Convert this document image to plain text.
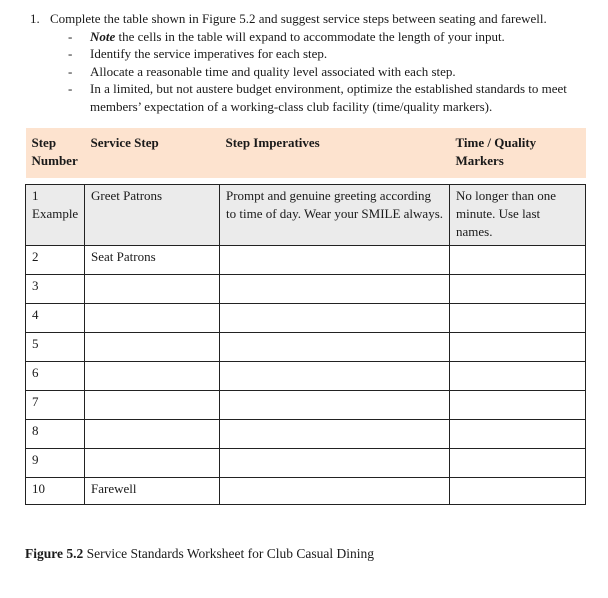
1. Complete the table shown in Figure 5.2 and suggest service steps between seating and farewell.
-	Note the cells in the table will expand to accommodate the length of your input.
-	Identify the service imperatives for each step.
-	Allocate a reasonable time and quality level associated with each step.
-	In a limited, but not austere budget environment, optimize the established standards to meet members’ expectation of a working-class club facility (time/quality markers).
Step Number	Service Step	Step Imperatives	Time / Quality Markers

1 Example	Greet Patrons	Prompt and genuine greeting according to time of day. Wear your SMILE always.	No longer than one minute. Use last names.
2	Seat Patrons		
3			
4			
5			
6			
7			
8			
9			
10	Farewell		
Figure 5.2 Service Standards Worksheet for Club Casual Dining
